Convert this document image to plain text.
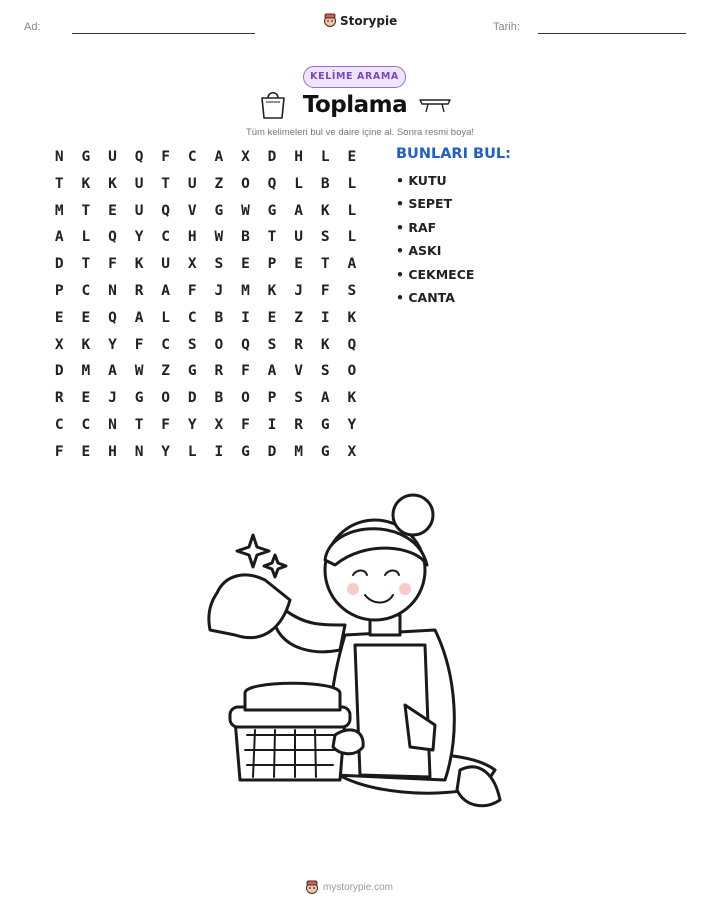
Ad:	Storypie	Tarih:
KELİME ARAMA
Toplama
Tüm kelimeleri bul ve daire içine al. Sonra resmi boya!
N	G	U	Q	F	C	A	X	D	H	L	E
T	K	K	U	T	U	Z	O	Q	L	B	L
M	T	E	U	Q	V	G	W	G	A	K	L
A	L	Q	Y	C	H	W	B	T	U	S	L
D	T	F	K	U	X	S	E	P	E	T	A
P	C	N	R	A	F	J	M	K	J	F	S
E	E	Q	A	L	C	B	I	E	Z	I	K
X	K	Y	F	C	S	O	Q	S	R	K	Q
D	M	A	W	Z	G	R	F	A	V	S	O
R	E	J	G	O	D	B	O	P	S	A	K
C	C	N	T	F	Y	X	F	I	R	G	Y
F	E	H	N	Y	L	I	G	D	M	G	X
BUNLARI BUL:
• KUTU
• SEPET
• RAF
• ASKI
• CEKMECE
• CANTA
mystorypie.com
